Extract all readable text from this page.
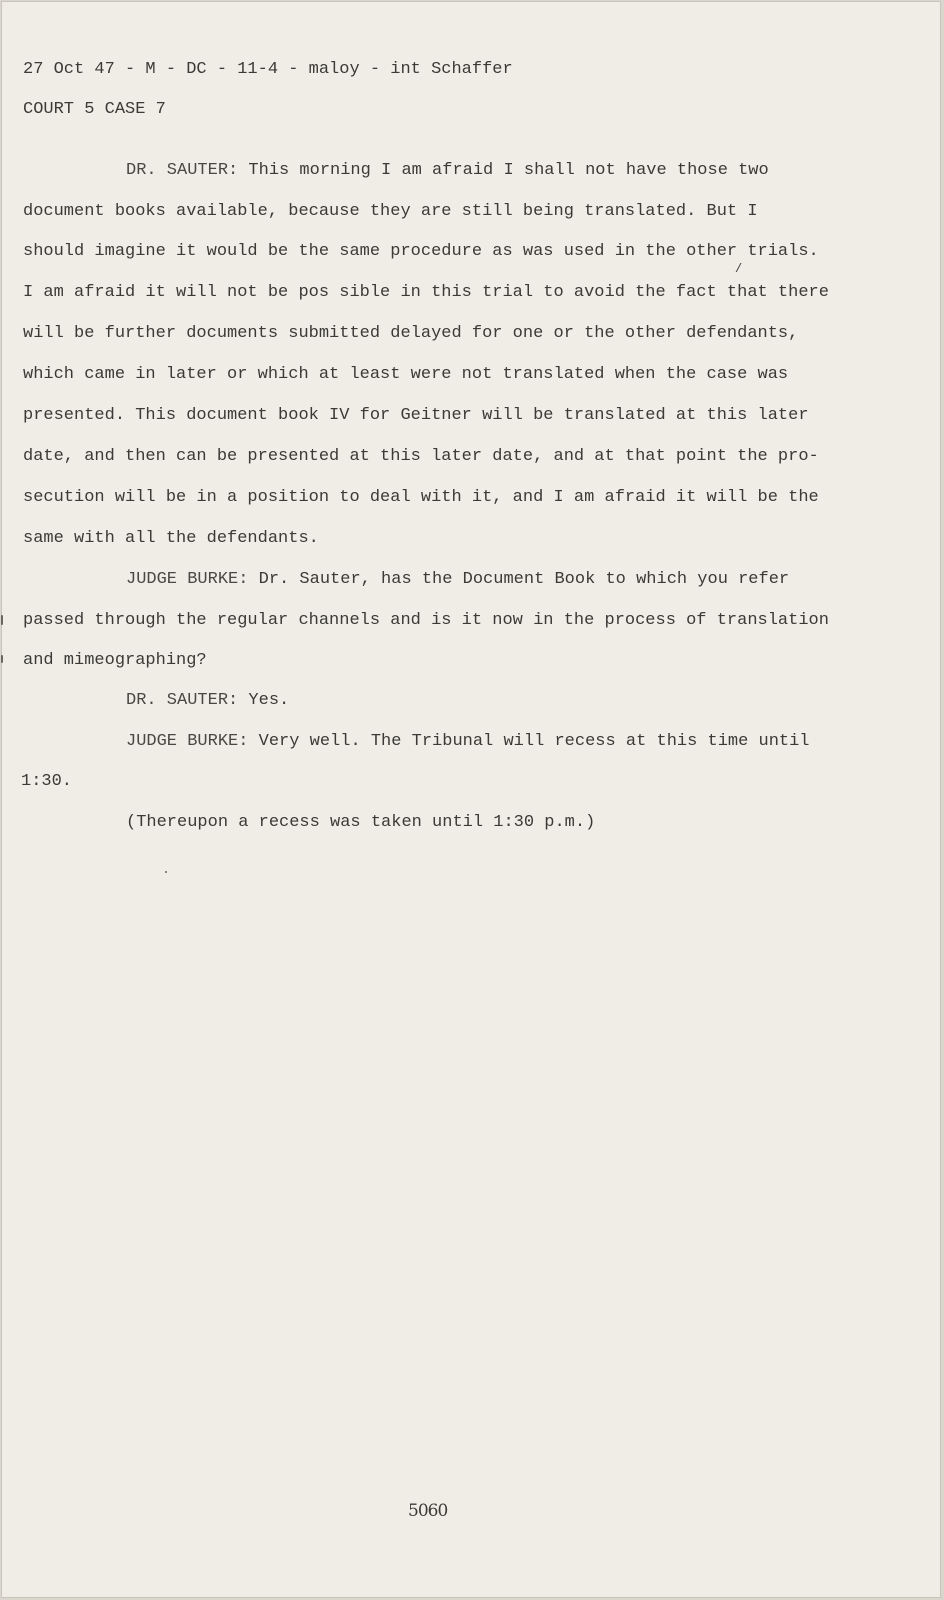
27 Oct 47 - M - DC - 11-4 - maloy - int Schaffer
COURT 5 CASE 7
DR. SAUTER: This morning I am afraid I shall not have those two
document books available, because they are still being translated. But I
should imagine it would be the same procedure as was used in the other trials.
/
I am afraid it will not be pos sible in this trial to avoid the fact that there
will be further documents submitted delayed for one or the other defendants,
which came in later or which at least were not translated when the case was
presented. This document book IV for Geitner will be translated at this later
date, and then can be presented at this later date, and at that point the pro-
secution will be in a position to deal with it, and I am afraid it will be the
same with all the defendants.
JUDGE BURKE: Dr. Sauter, has the Document Book to which you refer
passed through the regular channels and is it now in the process of translation
and mimeographing?
DR. SAUTER: Yes.
JUDGE BURKE: Very well. The Tribunal will recess at this time until
1:30.
(Thereupon a recess was taken until 1:30 p.m.)
5060
